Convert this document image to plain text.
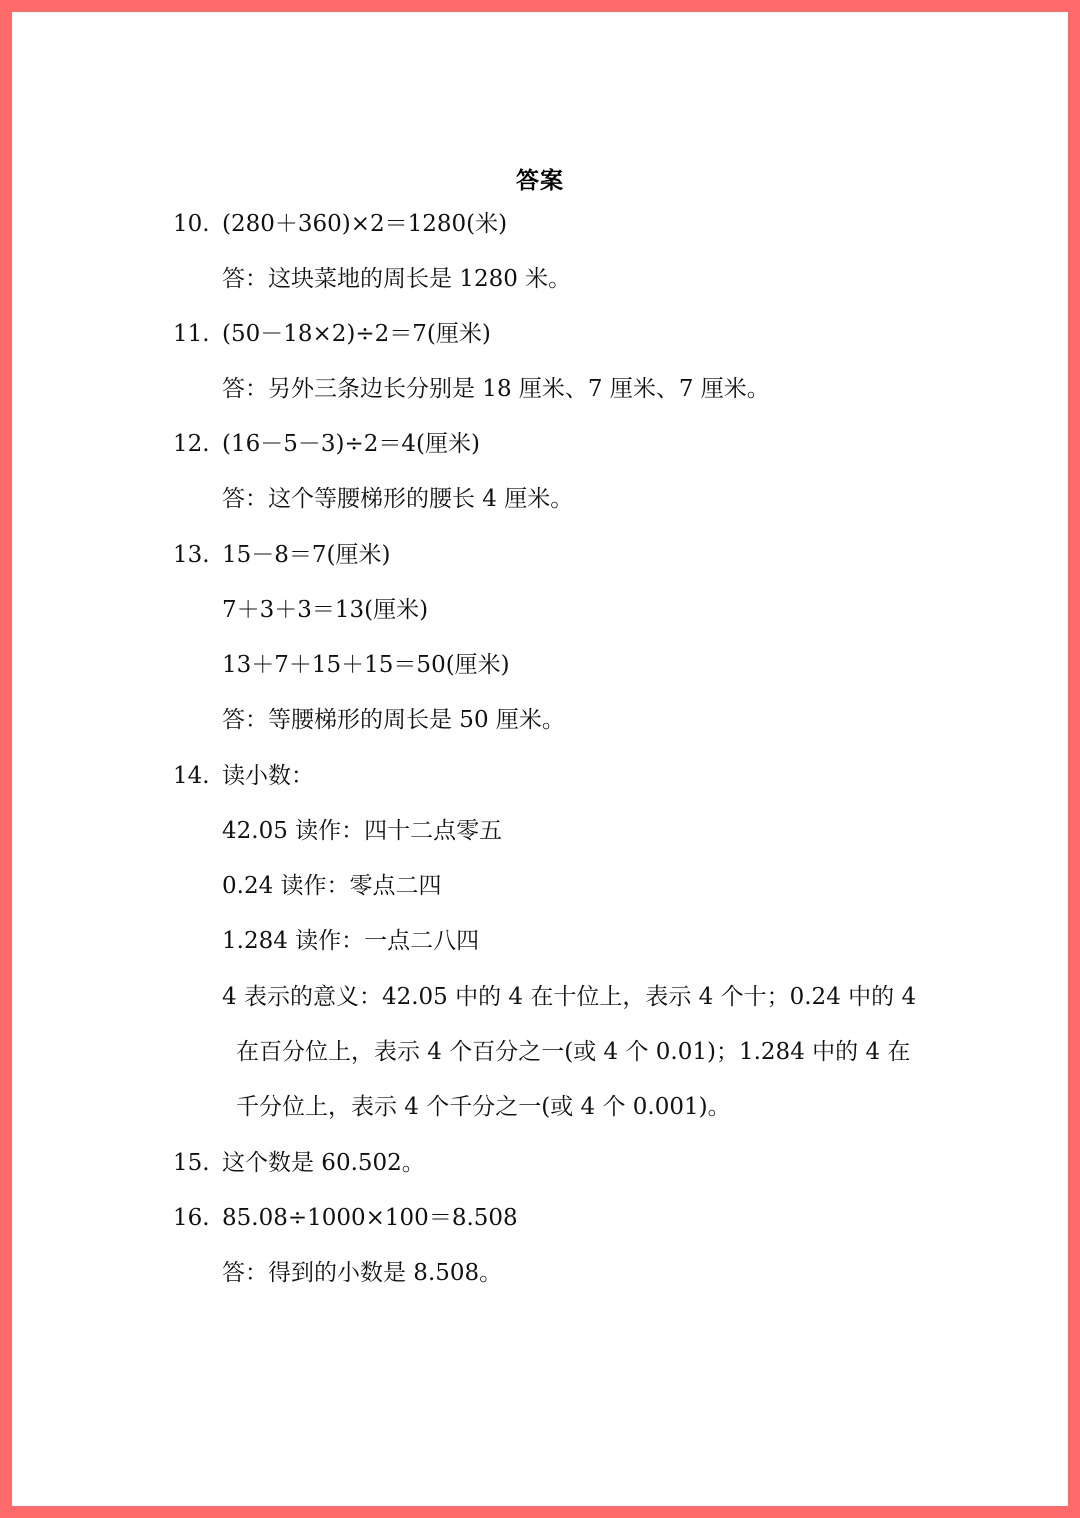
答案
10. (280＋360)×2＝1280(米)
答：这块菜地的周长是 1280 米。
11. (50－18×2)÷2＝7(厘米)
答：另外三条边长分别是 18 厘米、7 厘米、7 厘米。
12. (16－5－3)÷2＝4(厘米)
答：这个等腰梯形的腰长 4 厘米。
13. 15－8＝7(厘米)
7＋3＋3＝13(厘米)
13＋7＋15＋15＝50(厘米)
答：等腰梯形的周长是 50 厘米。
14. 读小数：
42.05 读作：四十二点零五
0.24 读作：零点二四
1.284 读作：一点二八四
4 表示的意义：42.05 中的 4 在十位上，表示 4 个十；0.24 中的 4
在百分位上，表示 4 个百分之一(或 4 个 0.01)；1.284 中的 4 在
千分位上，表示 4 个千分之一(或 4 个 0.001)。
15. 这个数是 60.502。
16. 85.08÷1000×100＝8.508
答：得到的小数是 8.508。
